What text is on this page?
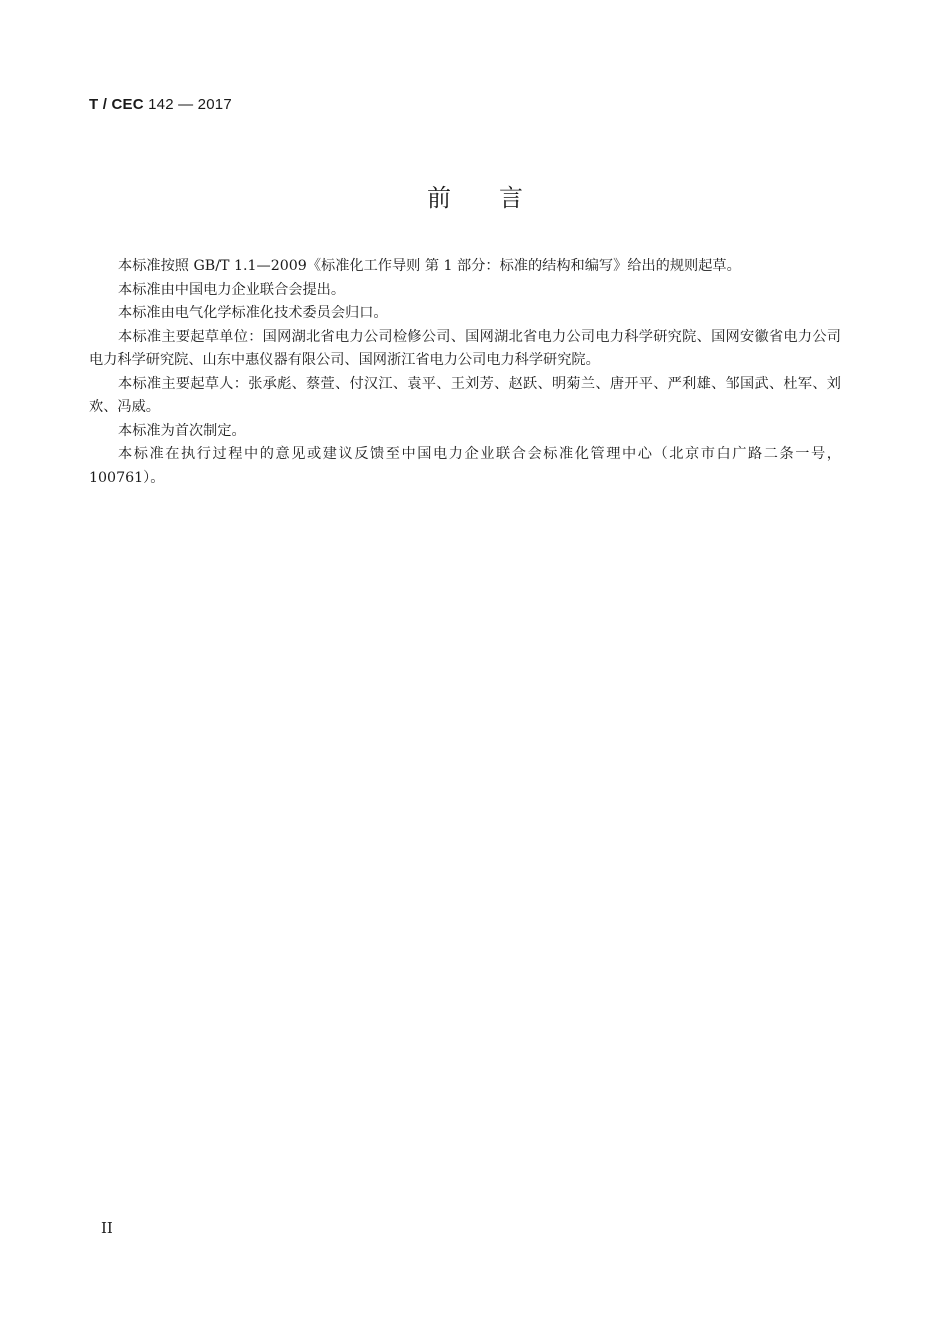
T / CEC 142 — 2017
前言

本标准按照 GB/T 1.1—2009《标准化工作导则 第 1 部分：标准的结构和编写》给出的规则起草。

本标准由中国电力企业联合会提出。

本标准由电气化学标准化技术委员会归口。

本标准主要起草单位：国网湖北省电力公司检修公司、国网湖北省电力公司电力科学研究院、国网安徽省电力公司电力科学研究院、山东中惠仪器有限公司、国网浙江省电力公司电力科学研究院。

本标准主要起草人：张承彪、蔡萱、付汉江、袁平、王刘芳、赵跃、明菊兰、唐开平、严利雄、邹国武、杜军、刘欢、冯威。

本标准为首次制定。

本标准在执行过程中的意见或建议反馈至中国电力企业联合会标准化管理中心（北京市白广路二条一号，100761）。

II
